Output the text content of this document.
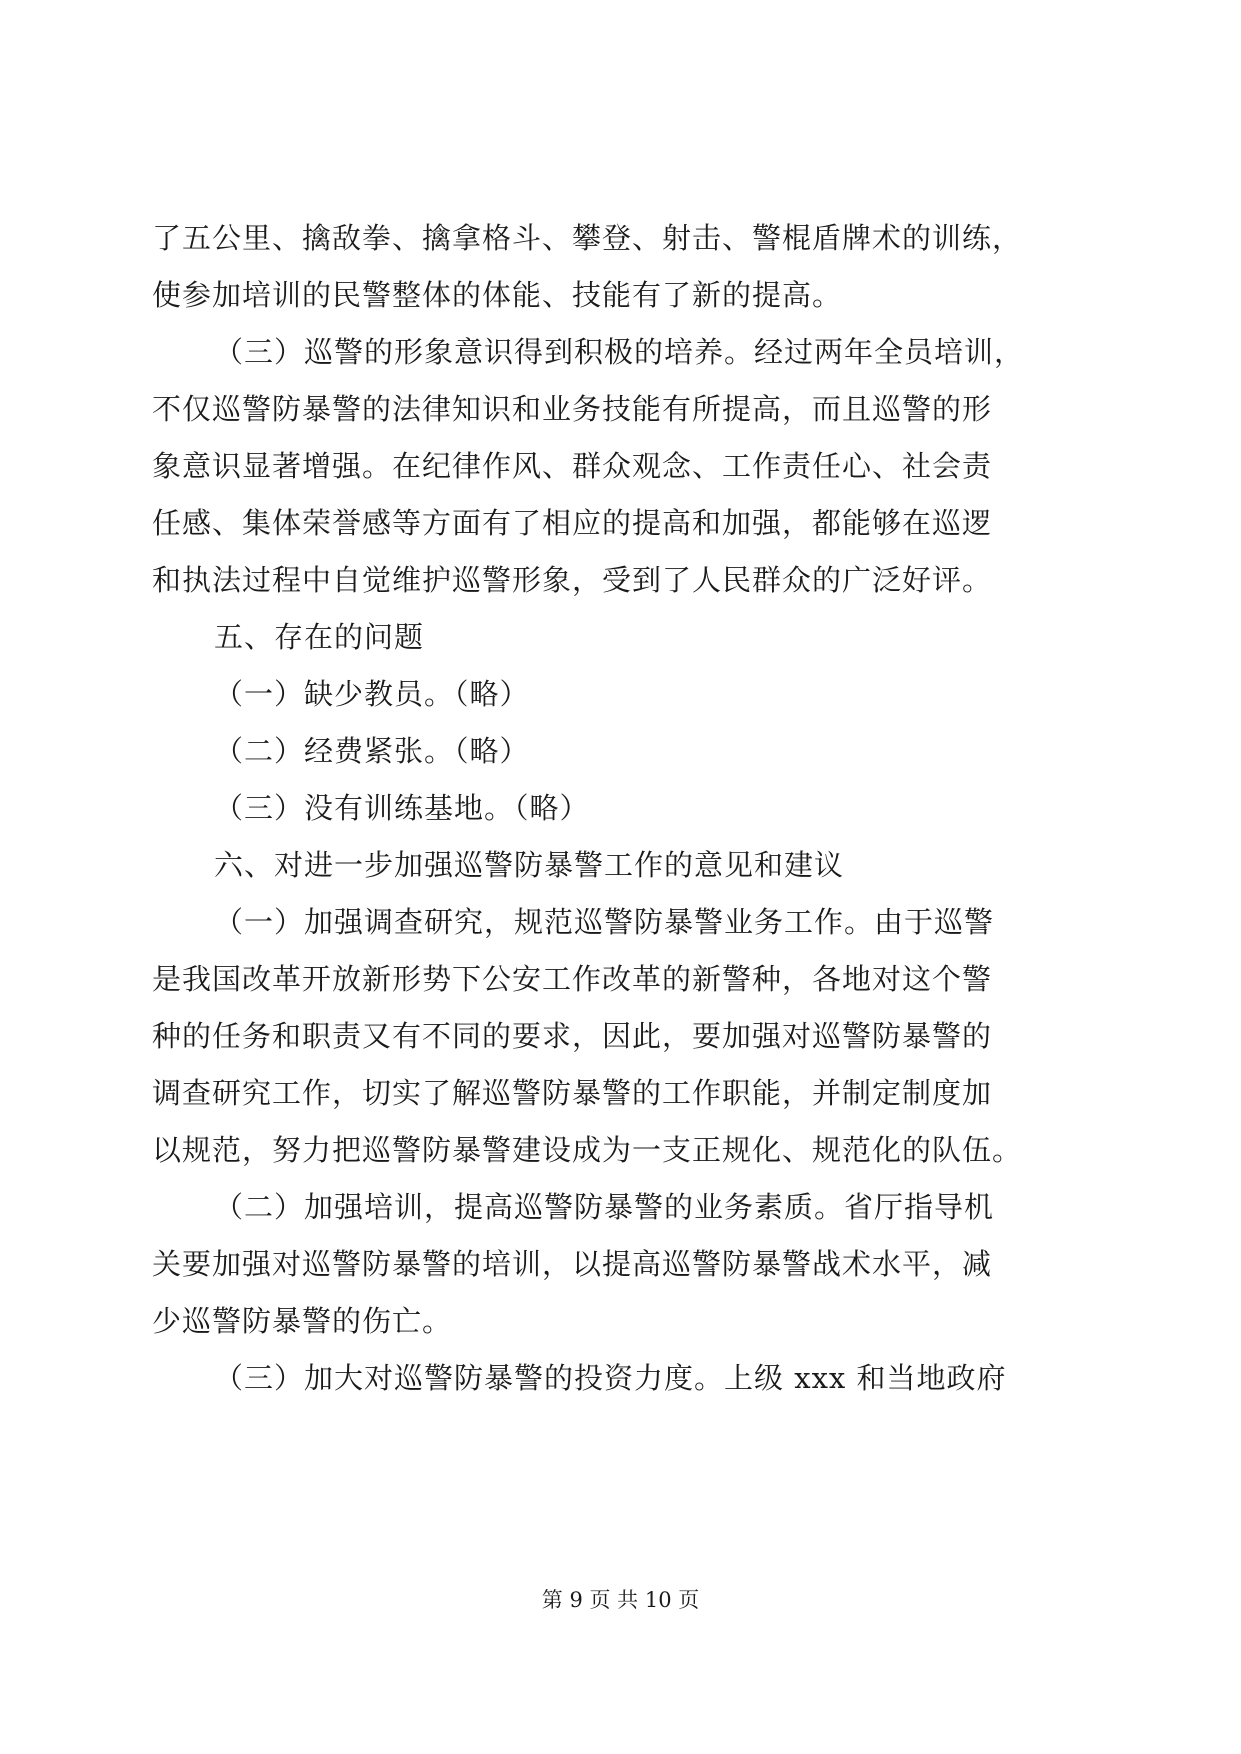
了五公里、擒敌拳、擒拿格斗、攀登、射击、警棍盾牌术的训练，
使参加培训的民警整体的体能、技能有了新的提高。
（三）巡警的形象意识得到积极的培养。经过两年全员培训，
不仅巡警防暴警的法律知识和业务技能有所提高，而且巡警的形
象意识显著增强。在纪律作风、群众观念、工作责任心、社会责
任感、集体荣誉感等方面有了相应的提高和加强，都能够在巡逻
和执法过程中自觉维护巡警形象，受到了人民群众的广泛好评。
五、存在的问题
（一）缺少教员。（略）
（二）经费紧张。（略）
（三）没有训练基地。（略）
六、对进一步加强巡警防暴警工作的意见和建议
（一）加强调查研究，规范巡警防暴警业务工作。由于巡警
是我国改革开放新形势下公安工作改革的新警种，各地对这个警
种的任务和职责又有不同的要求，因此，要加强对巡警防暴警的
调查研究工作，切实了解巡警防暴警的工作职能，并制定制度加
以规范，努力把巡警防暴警建设成为一支正规化、规范化的队伍。
（二）加强培训，提高巡警防暴警的业务素质。省厅指导机
关要加强对巡警防暴警的培训，以提高巡警防暴警战术水平，减
少巡警防暴警的伤亡。
（三）加大对巡警防暴警的投资力度。上级 xxx 和当地政府
第 9 页 共 10 页
